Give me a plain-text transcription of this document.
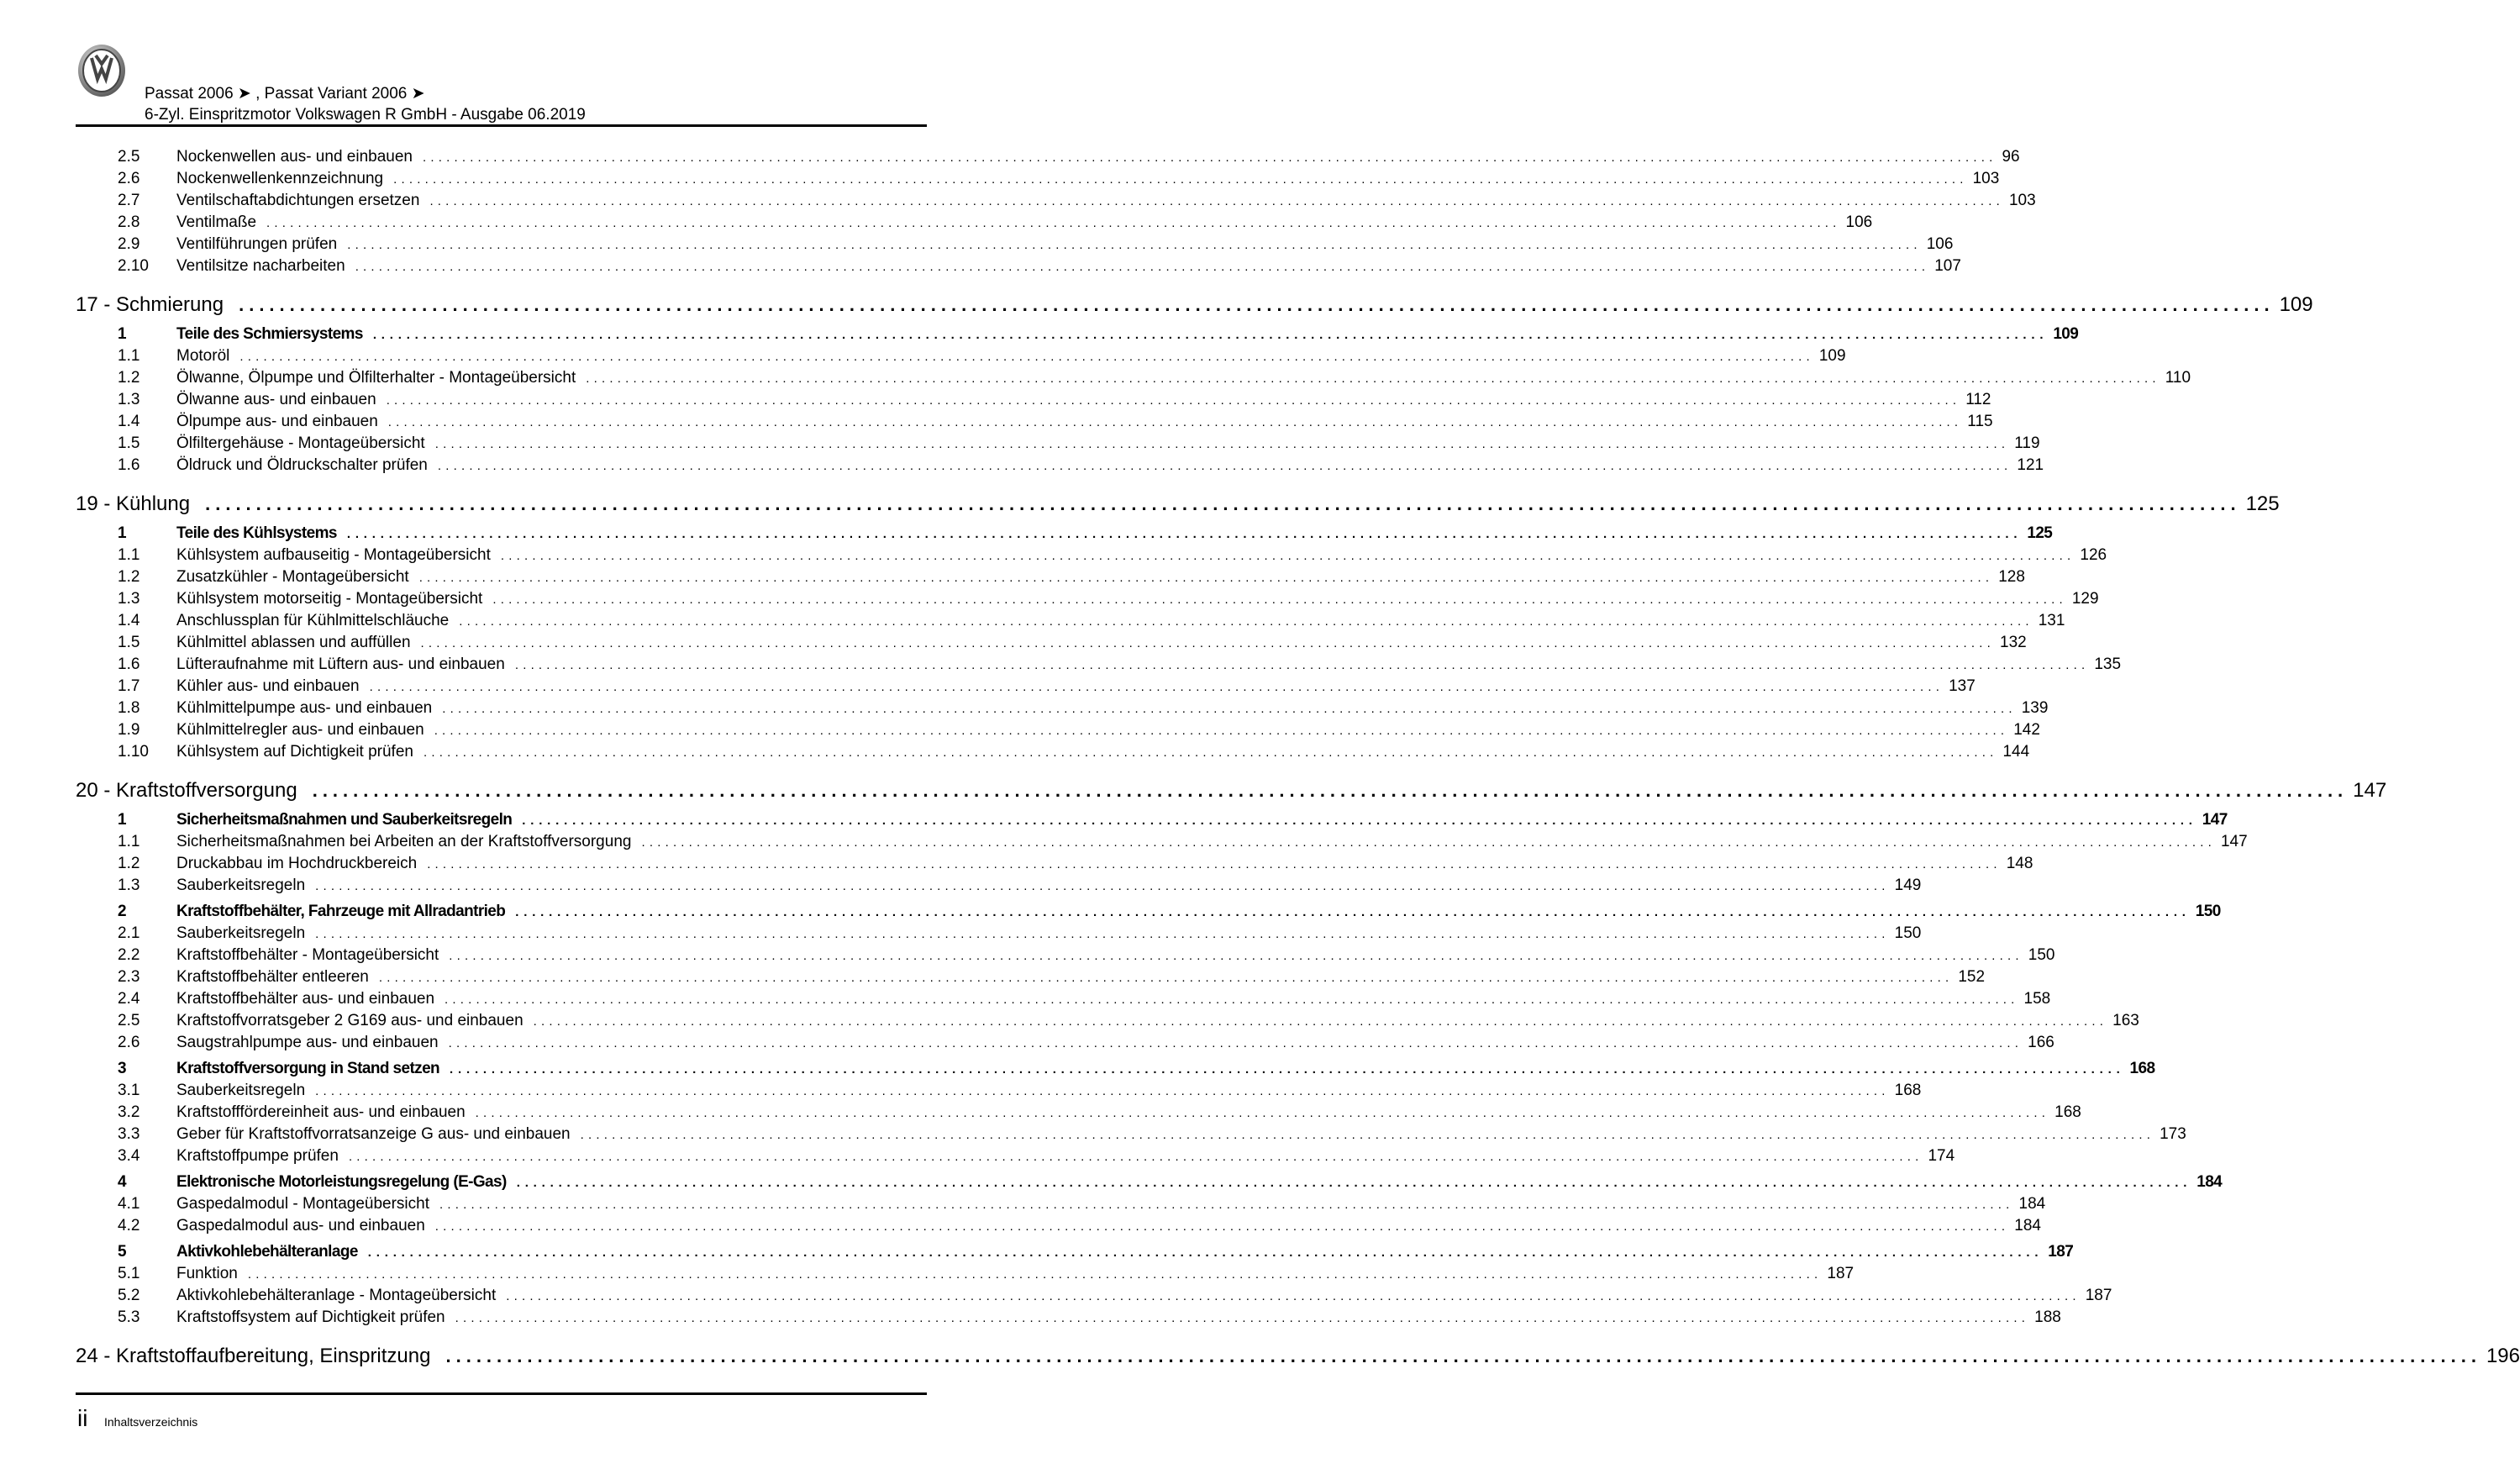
Passat 2006 ➤ , Passat Variant 2006 ➤
6-Zyl. Einspritzmotor Volkswagen R GmbH - Ausgabe 06.2019
2.5	Nockenwellen aus- und einbauen ........................................................................................................................................................................................................ 96
2.6	Nockenwellenkennzeichnung ........................................................................................................................................................................................................ 103
2.7	Ventilschaftabdichtungen ersetzen ........................................................................................................................................................................................................ 103
2.8	Ventilmaße ........................................................................................................................................................................................................ 106
2.9	Ventilführungen prüfen ........................................................................................................................................................................................................ 106
2.10	Ventilsitze nacharbeiten ........................................................................................................................................................................................................ 107
17 - Schmierung ........................................................................................................................................................................................................ 109
1	Teile des Schmiersystems ........................................................................................................................................................................................................ 109
1.1	Motoröl ........................................................................................................................................................................................................ 109
1.2	Ölwanne, Ölpumpe und Ölfilterhalter - Montageübersicht ........................................................................................................................................................................................................ 110
1.3	Ölwanne aus- und einbauen ........................................................................................................................................................................................................ 112
1.4	Ölpumpe aus- und einbauen ........................................................................................................................................................................................................ 115
1.5	Ölfiltergehäuse - Montageübersicht ........................................................................................................................................................................................................ 119
1.6	Öldruck und Öldruckschalter prüfen ........................................................................................................................................................................................................ 121
19 - Kühlung ........................................................................................................................................................................................................ 125
1	Teile des Kühlsystems ........................................................................................................................................................................................................ 125
1.1	Kühlsystem aufbauseitig - Montageübersicht ........................................................................................................................................................................................................ 126
1.2	Zusatzkühler - Montageübersicht ........................................................................................................................................................................................................ 128
1.3	Kühlsystem motorseitig - Montageübersicht ........................................................................................................................................................................................................ 129
1.4	Anschlussplan für Kühlmittelschläuche ........................................................................................................................................................................................................ 131
1.5	Kühlmittel ablassen und auffüllen ........................................................................................................................................................................................................ 132
1.6	Lüfteraufnahme mit Lüftern aus- und einbauen ........................................................................................................................................................................................................ 135
1.7	Kühler aus- und einbauen ........................................................................................................................................................................................................ 137
1.8	Kühlmittelpumpe aus- und einbauen ........................................................................................................................................................................................................ 139
1.9	Kühlmittelregler aus- und einbauen ........................................................................................................................................................................................................ 142
1.10	Kühlsystem auf Dichtigkeit prüfen ........................................................................................................................................................................................................ 144
20 - Kraftstoffversorgung ........................................................................................................................................................................................................ 147
1	Sicherheitsmaßnahmen und Sauberkeitsregeln ........................................................................................................................................................................................................ 147
1.1	Sicherheitsmaßnahmen bei Arbeiten an der Kraftstoffversorgung ........................................................................................................................................................................................................ 147
1.2	Druckabbau im Hochdruckbereich ........................................................................................................................................................................................................ 148
1.3	Sauberkeitsregeln ........................................................................................................................................................................................................ 149
2	Kraftstoffbehälter, Fahrzeuge mit Allradantrieb ........................................................................................................................................................................................................ 150
2.1	Sauberkeitsregeln ........................................................................................................................................................................................................ 150
2.2	Kraftstoffbehälter - Montageübersicht ........................................................................................................................................................................................................ 150
2.3	Kraftstoffbehälter entleeren ........................................................................................................................................................................................................ 152
2.4	Kraftstoffbehälter aus- und einbauen ........................................................................................................................................................................................................ 158
2.5	Kraftstoffvorratsgeber 2 G169 aus- und einbauen ........................................................................................................................................................................................................ 163
2.6	Saugstrahlpumpe aus- und einbauen ........................................................................................................................................................................................................ 166
3	Kraftstoffversorgung in Stand setzen ........................................................................................................................................................................................................ 168
3.1	Sauberkeitsregeln ........................................................................................................................................................................................................ 168
3.2	Kraftstofffördereinheit aus- und einbauen ........................................................................................................................................................................................................ 168
3.3	Geber für Kraftstoffvorratsanzeige G aus- und einbauen ........................................................................................................................................................................................................ 173
3.4	Kraftstoffpumpe prüfen ........................................................................................................................................................................................................ 174
4	Elektronische Motorleistungsregelung (E-Gas) ........................................................................................................................................................................................................ 184
4.1	Gaspedalmodul - Montageübersicht ........................................................................................................................................................................................................ 184
4.2	Gaspedalmodul aus- und einbauen ........................................................................................................................................................................................................ 184
5	Aktivkohlebehälteranlage ........................................................................................................................................................................................................ 187
5.1	Funktion ........................................................................................................................................................................................................ 187
5.2	Aktivkohlebehälteranlage - Montageübersicht ........................................................................................................................................................................................................ 187
5.3	Kraftstoffsystem auf Dichtigkeit prüfen ........................................................................................................................................................................................................ 188
24 - Kraftstoffaufbereitung, Einspritzung ........................................................................................................................................................................................................ 196
ii Inhaltsverzeichnis
